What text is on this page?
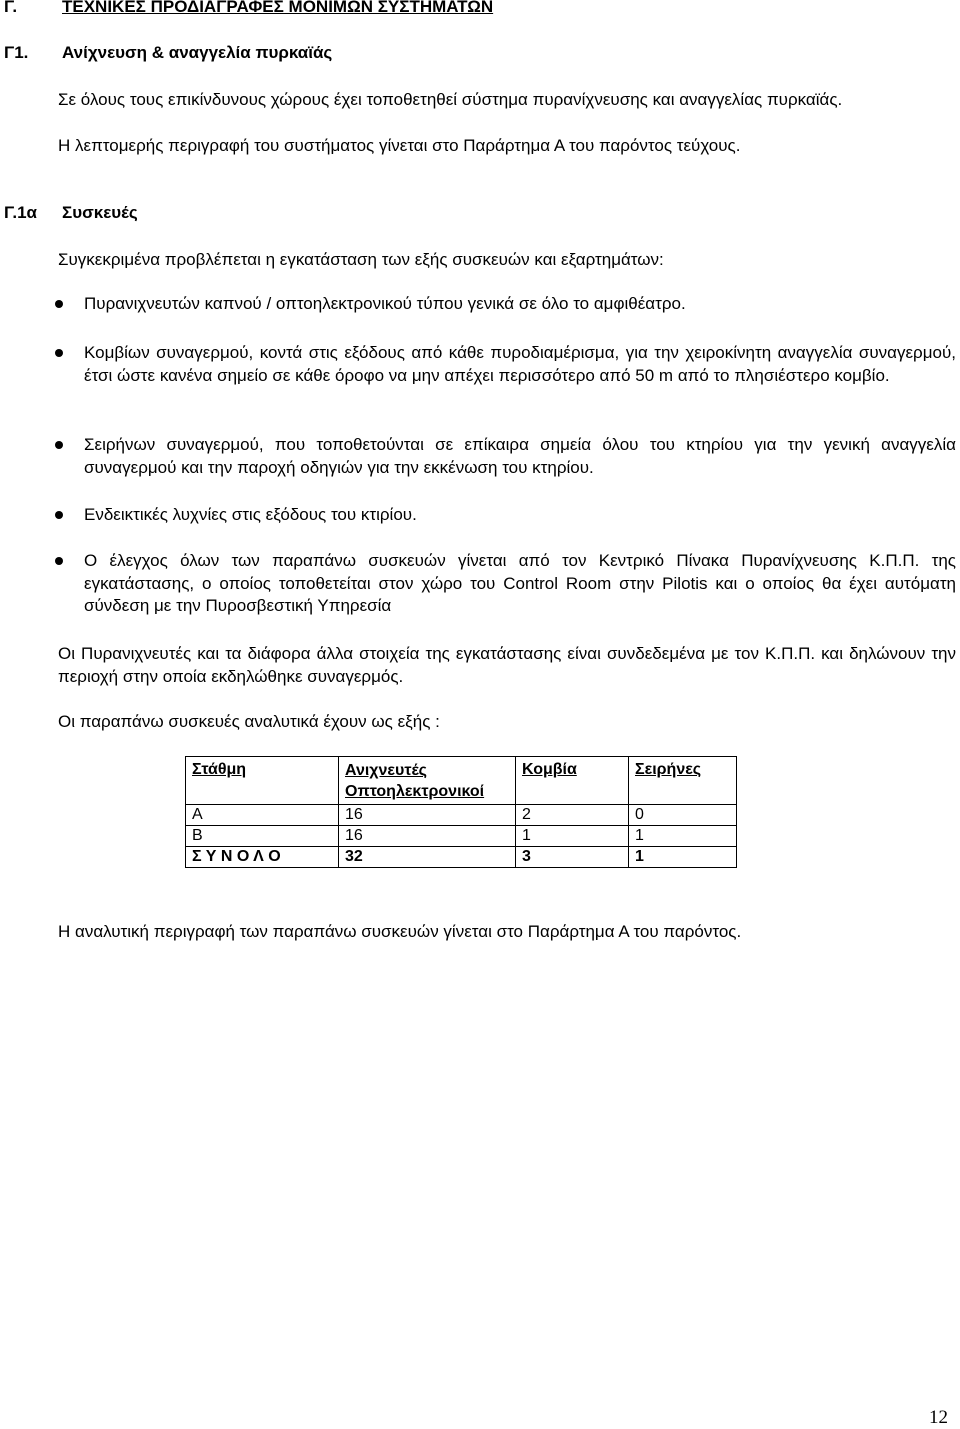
Γ.	ΤΕΧΝΙΚΕΣ ΠΡΟΔΙΑΓΡΑΦΕΣ ΜΟΝΙΜΩΝ ΣΥΣΤΗΜΑΤΩΝ
Γ1. Ανίχνευση & αναγγελία πυρκαϊάς
Σε όλους τους επικίνδυνους χώρους έχει τοποθετηθεί σύστημα πυρανίχνευσης και αναγγελίας πυρκαϊάς.
Η λεπτομερής περιγραφή του συστήματος γίνεται στο Παράρτημα Α του παρόντος τεύχους.
Γ.1α Συσκευές
Συγκεκριμένα προβλέπεται η εγκατάσταση των εξής συσκευών και εξαρτημάτων:
Πυρανιχνευτών καπνού / οπτοηλεκτρονικού τύπου γενικά σε όλο το αμφιθέατρο.
Κομβίων συναγερμού, κοντά στις εξόδους από κάθε πυροδιαμέρισμα, για την χειροκίνητη αναγγελία συναγερμού, έτσι ώστε κανένα σημείο σε κάθε όροφο να μην απέχει περισσότερο από 50 m από το πλησιέστερο κομβίο.
Σειρήνων συναγερμού, που τοποθετούνται σε επίκαιρα σημεία όλου του κτηρίου για την γενική αναγγελία συναγερμού και την παροχή οδηγιών για την εκκένωση του κτηρίου.
Ενδεικτικές λυχνίες στις εξόδους του κτιρίου.
Ο έλεγχος όλων των παραπάνω συσκευών γίνεται από τον Κεντρικό Πίνακα Πυρανίχνευσης Κ.Π.Π. της εγκατάστασης, ο οποίος τοποθετείται στον χώρο του Control Room στην Pilotis και ο οποίος θα έχει αυτόματη σύνδεση με την Πυροσβεστική Υπηρεσία
Οι Πυρανιχνευτές και τα διάφορα άλλα στοιχεία της εγκατάστασης είναι συνδεδεμένα με τον Κ.Π.Π. και δηλώνουν την περιοχή στην οποία εκδηλώθηκε συναγερμός.
Οι παραπάνω συσκευές αναλυτικά έχουν ως εξής :
Στάθμη	Ανιχνευτές Οπτοηλεκτρονικοί	Κομβία	Σειρήνες
Α	16	2	0
Β	16	1	1
Σ Υ Ν Ο Λ Ο	32	3	1
Η αναλυτική περιγραφή των παραπάνω συσκευών γίνεται στο Παράρτημα Α του παρόντος.
12
